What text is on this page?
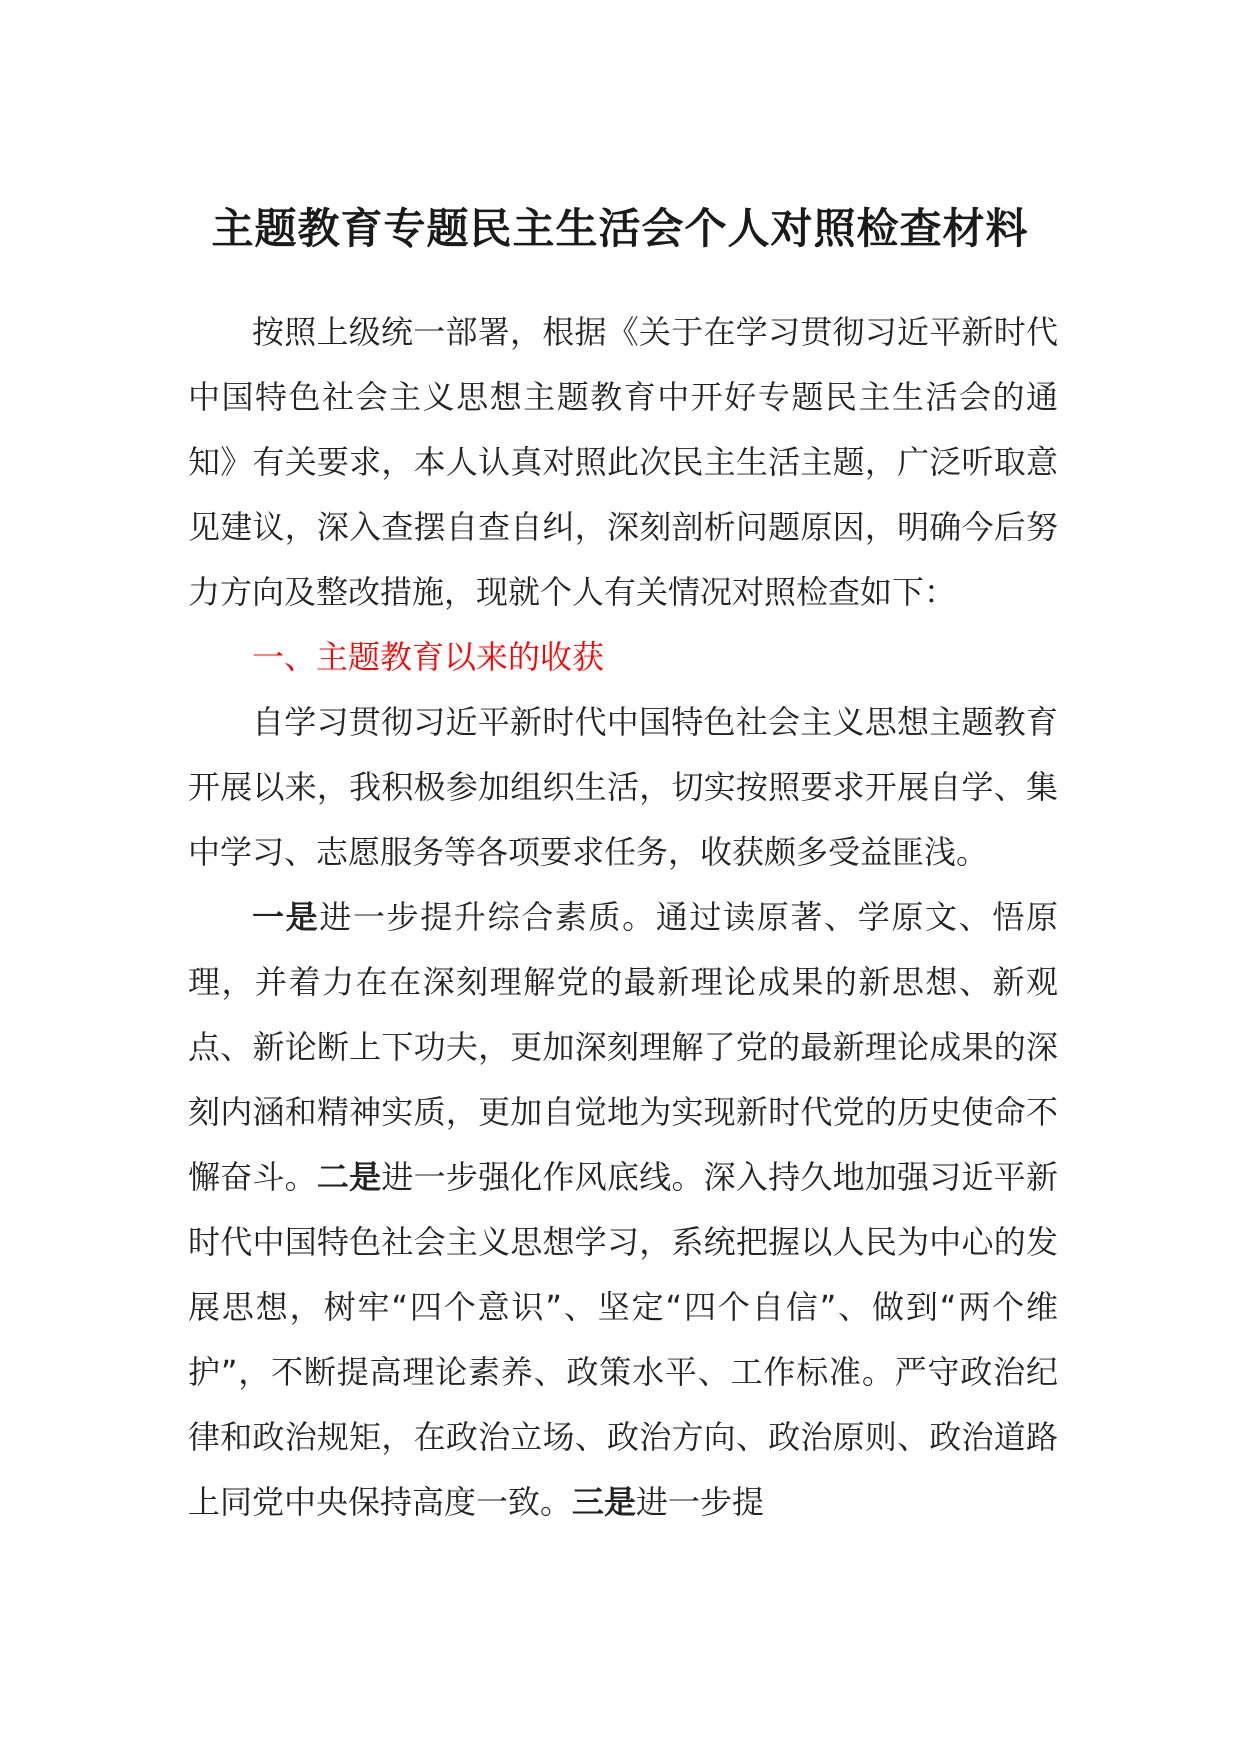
主题教育专题民主生活会个人对照检查材料

按照上级统一部署，根据《关于在学习贯彻习近平新时代中国特色社会主义思想主题教育中开好专题民主生活会的通知》有关要求，本人认真对照此次民主生活主题，广泛听取意见建议，深入查摆自查自纠，深刻剖析问题原因，明确今后努力方向及整改措施，现就个人有关情况对照检查如下：

一、主题教育以来的收获

自学习贯彻习近平新时代中国特色社会主义思想主题教育开展以来，我积极参加组织生活，切实按照要求开展自学、集中学习、志愿服务等各项要求任务，收获颇多受益匪浅。

一是进一步提升综合素质。通过读原著、学原文、悟原理，并着力在在深刻理解党的最新理论成果的新思想、新观点、新论断上下功夫，更加深刻理解了党的最新理论成果的深刻内涵和精神实质，更加自觉地为实现新时代党的历史使命不懈奋斗。二是进一步强化作风底线。深入持久地加强习近平新时代中国特色社会主义思想学习，系统把握以人民为中心的发展思想，树牢“四个意识”、坚定“四个自信”、做到“两个维护”，不断提高理论素养、政策水平、工作标准。严守政治纪律和政治规矩，在政治立场、政治方向、政治原则、政治道路上同党中央保持高度一致。三是进一步提
